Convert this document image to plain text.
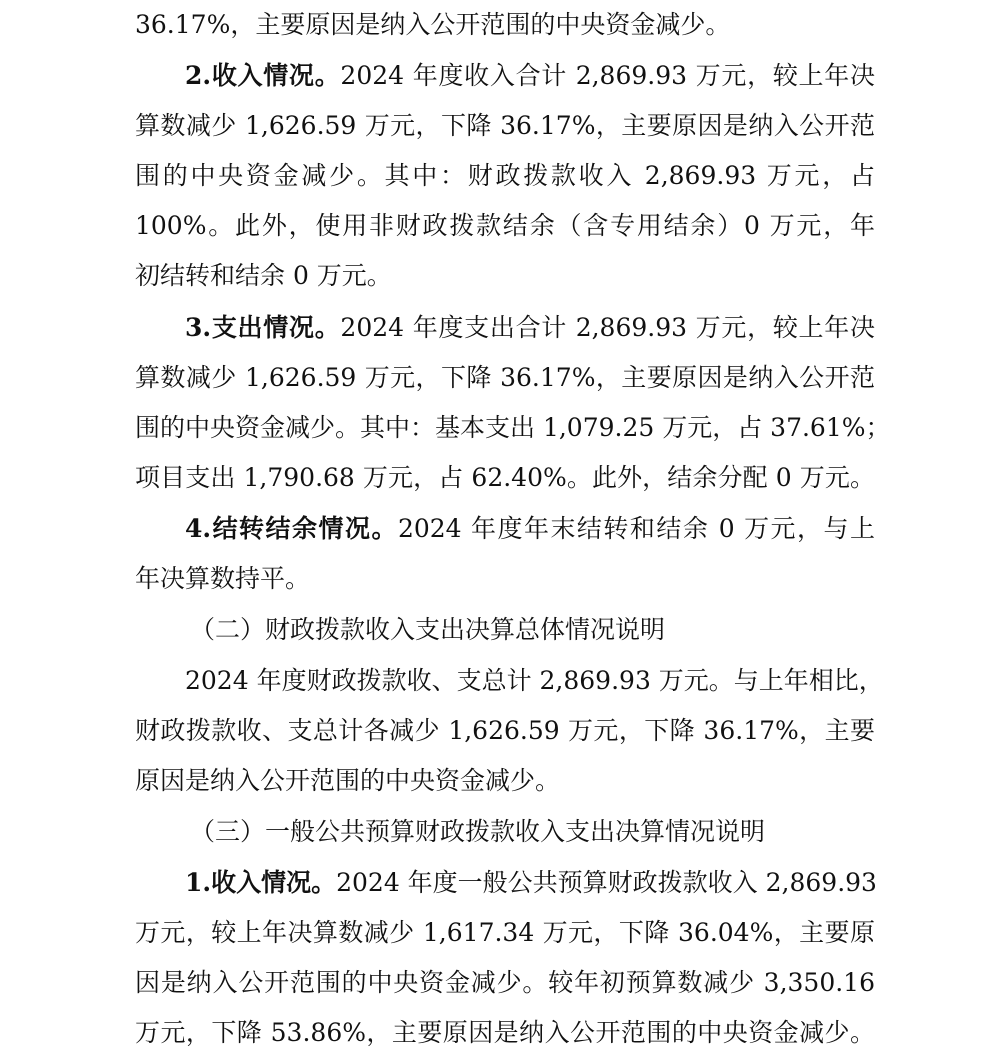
36.17%，主要原因是纳入公开范围的中央资金减少。
2.收入情况。2024 年度收入合计 2,869.93 万元，较上年决
算数减少 1,626.59 万元，下降 36.17%，主要原因是纳入公开范
围的中央资金减少。其中：财政拨款收入 2,869.93 万元，占
100%。此外，使用非财政拨款结余（含专用结余）0 万元，年
初结转和结余 0 万元。
3.支出情况。2024 年度支出合计 2,869.93 万元，较上年决
算数减少 1,626.59 万元，下降 36.17%，主要原因是纳入公开范
围的中央资金减少。其中：基本支出 1,079.25 万元，占 37.61%；
项目支出 1,790.68 万元，占 62.40%。此外，结余分配 0 万元。
4.结转结余情况。2024 年度年末结转和结余 0 万元，与上
年决算数持平。
（二）财政拨款收入支出决算总体情况说明
2024 年度财政拨款收、支总计 2,869.93 万元。与上年相比，
财政拨款收、支总计各减少 1,626.59 万元，下降 36.17%，主要
原因是纳入公开范围的中央资金减少。
（三）一般公共预算财政拨款收入支出决算情况说明
1.收入情况。2024 年度一般公共预算财政拨款收入 2,869.93
万元，较上年决算数减少 1,617.34 万元，下降 36.04%，主要原
因是纳入公开范围的中央资金减少。较年初预算数减少 3,350.16
万元，下降 53.86%，主要原因是纳入公开范围的中央资金减少。
